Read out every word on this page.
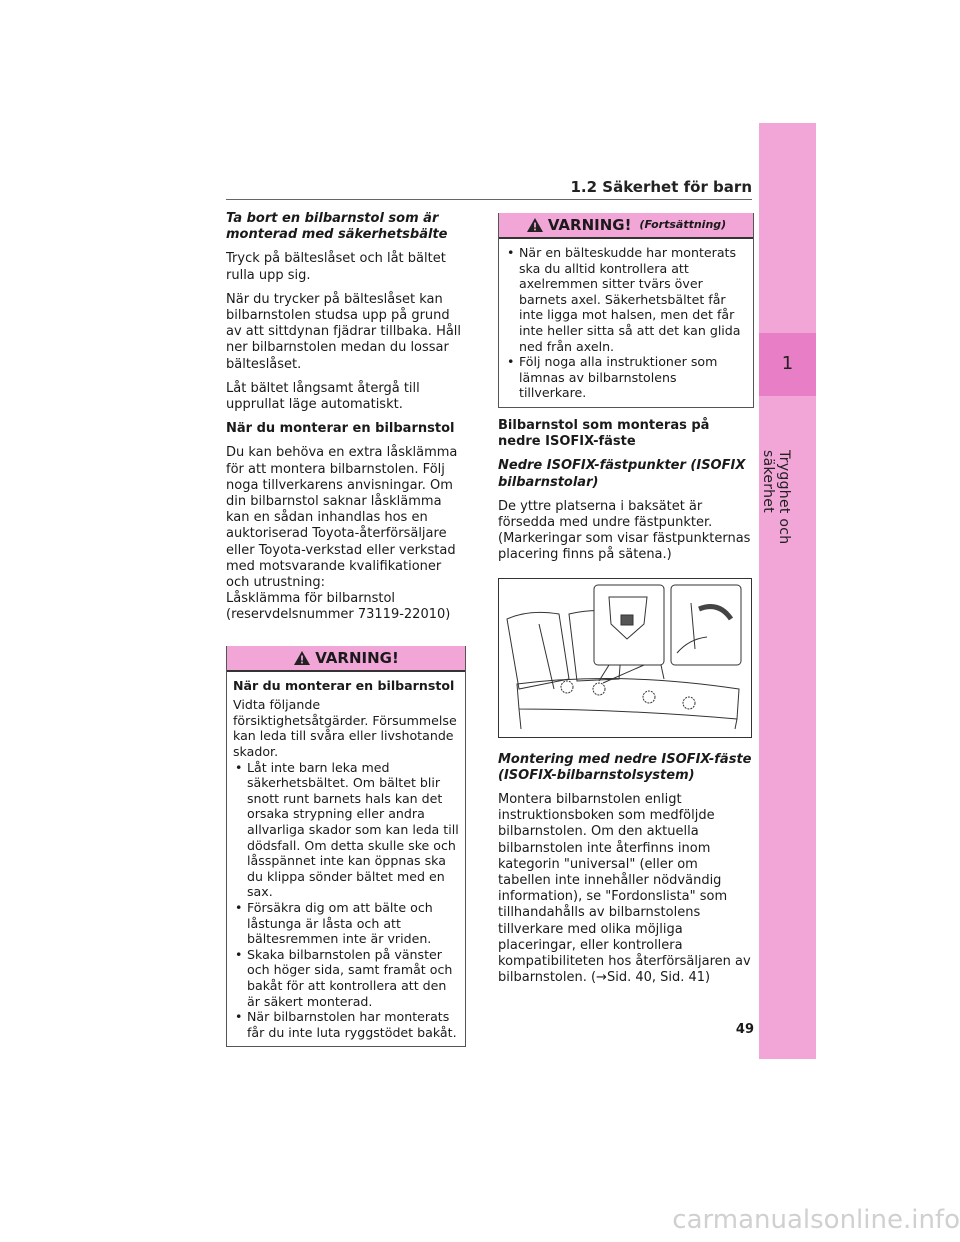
1
Trygghet och säkerhet
1.2 Säkerhet för barn

Ta bort en bilbarnstol som är monterad med säkerhetsbälte

Tryck på bälteslåset och låt bältet rulla upp sig.

När du trycker på bälteslåset kan bilbarnstolen studsa upp på grund av att sittdynan fjädrar tillbaka. Håll ner bilbarnstolen medan du lossar bälteslåset.

Låt bältet långsamt återgå till upprullat läge automatiskt.

När du monterar en bilbarnstol

Du kan behöva en extra låsklämma för att montera bilbarnstolen. Följ noga tillverkarens anvisningar. Om din bilbarnstol saknar låsklämma kan en sådan inhandlas hos en auktoriserad Toyota-återförsäljare eller Toyota-verkstad eller verkstad med motsvarande kvalifikationer och utrustning:
Låsklämma för bilbarnstol
(reservdelsnummer 73119-22010)

VARNING!
När du monterar en bilbarnstol
Vidta följande försiktighetsåtgärder. Försummelse kan leda till svåra eller livshotande skador.
• Låt inte barn leka med säkerhetsbältet. Om bältet blir snott runt barnets hals kan det orsaka strypning eller andra allvarliga skador som kan leda till dödsfall. Om detta skulle ske och låsspännet inte kan öppnas ska du klippa sönder bältet med en sax.
• Försäkra dig om att bälte och låstunga är låsta och att bältesremmen inte är vriden.
• Skaka bilbarnstolen på vänster och höger sida, samt framåt och bakåt för att kontrollera att den är säkert monterad.
• När bilbarnstolen har monterats får du inte luta ryggstödet bakåt.
VARNING! (Fortsättning)
• När en bälteskudde har monterats ska du alltid kontrollera att axelremmen sitter tvärs över barnets axel. Säkerhetsbältet får inte ligga mot halsen, men det får inte heller sitta så att det kan glida ned från axeln.
• Följ noga alla instruktioner som lämnas av bilbarnstolens tillverkare.

Bilbarnstol som monteras på nedre ISOFIX-fäste

Nedre ISOFIX-fästpunkter (ISOFIX bilbarnstolar)

De yttre platserna i baksätet är försedda med undre fästpunkter. (Markeringar som visar fästpunkternas placering finns på sätena.)

Montering med nedre ISOFIX-fäste (ISOFIX-bilbarnstolsystem)

Montera bilbarnstolen enligt instruktionsboken som medföljde bilbarnstolen. Om den aktuella bilbarnstolen inte återfinns inom kategorin "universal" (eller om tabellen inte innehåller nödvändig information), se "Fordonslista" som tillhandahålls av bilbarnstolens tillverkare med olika möjliga placeringar, eller kontrollera kompatibiliteten hos återförsäljaren av bilbarnstolen. (→Sid. 40, Sid. 41)

49
carmanualsonline.info
